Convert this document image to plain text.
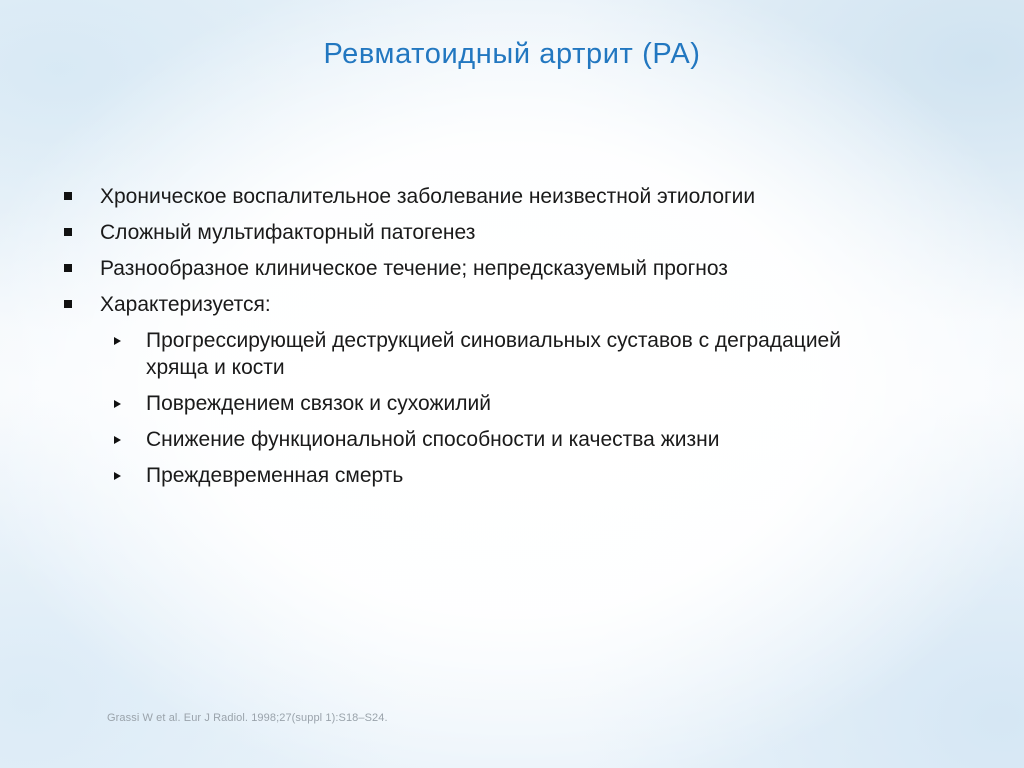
Ревматоидный артрит (РА)
Хроническое воспалительное заболевание неизвестной этиологии
Сложный мультифакторный патогенез
Разнообразное клиническое течение; непредсказуемый прогноз
Характеризуется:
Прогрессирующей деструкцией синовиальных суставов с деградацией хряща и кости
Повреждением связок и сухожилий
Снижение функциональной способности и качества жизни
Преждевременная смерть
Grassi W et al. Eur J Radiol. 1998;27(suppl 1):S18–S24.
